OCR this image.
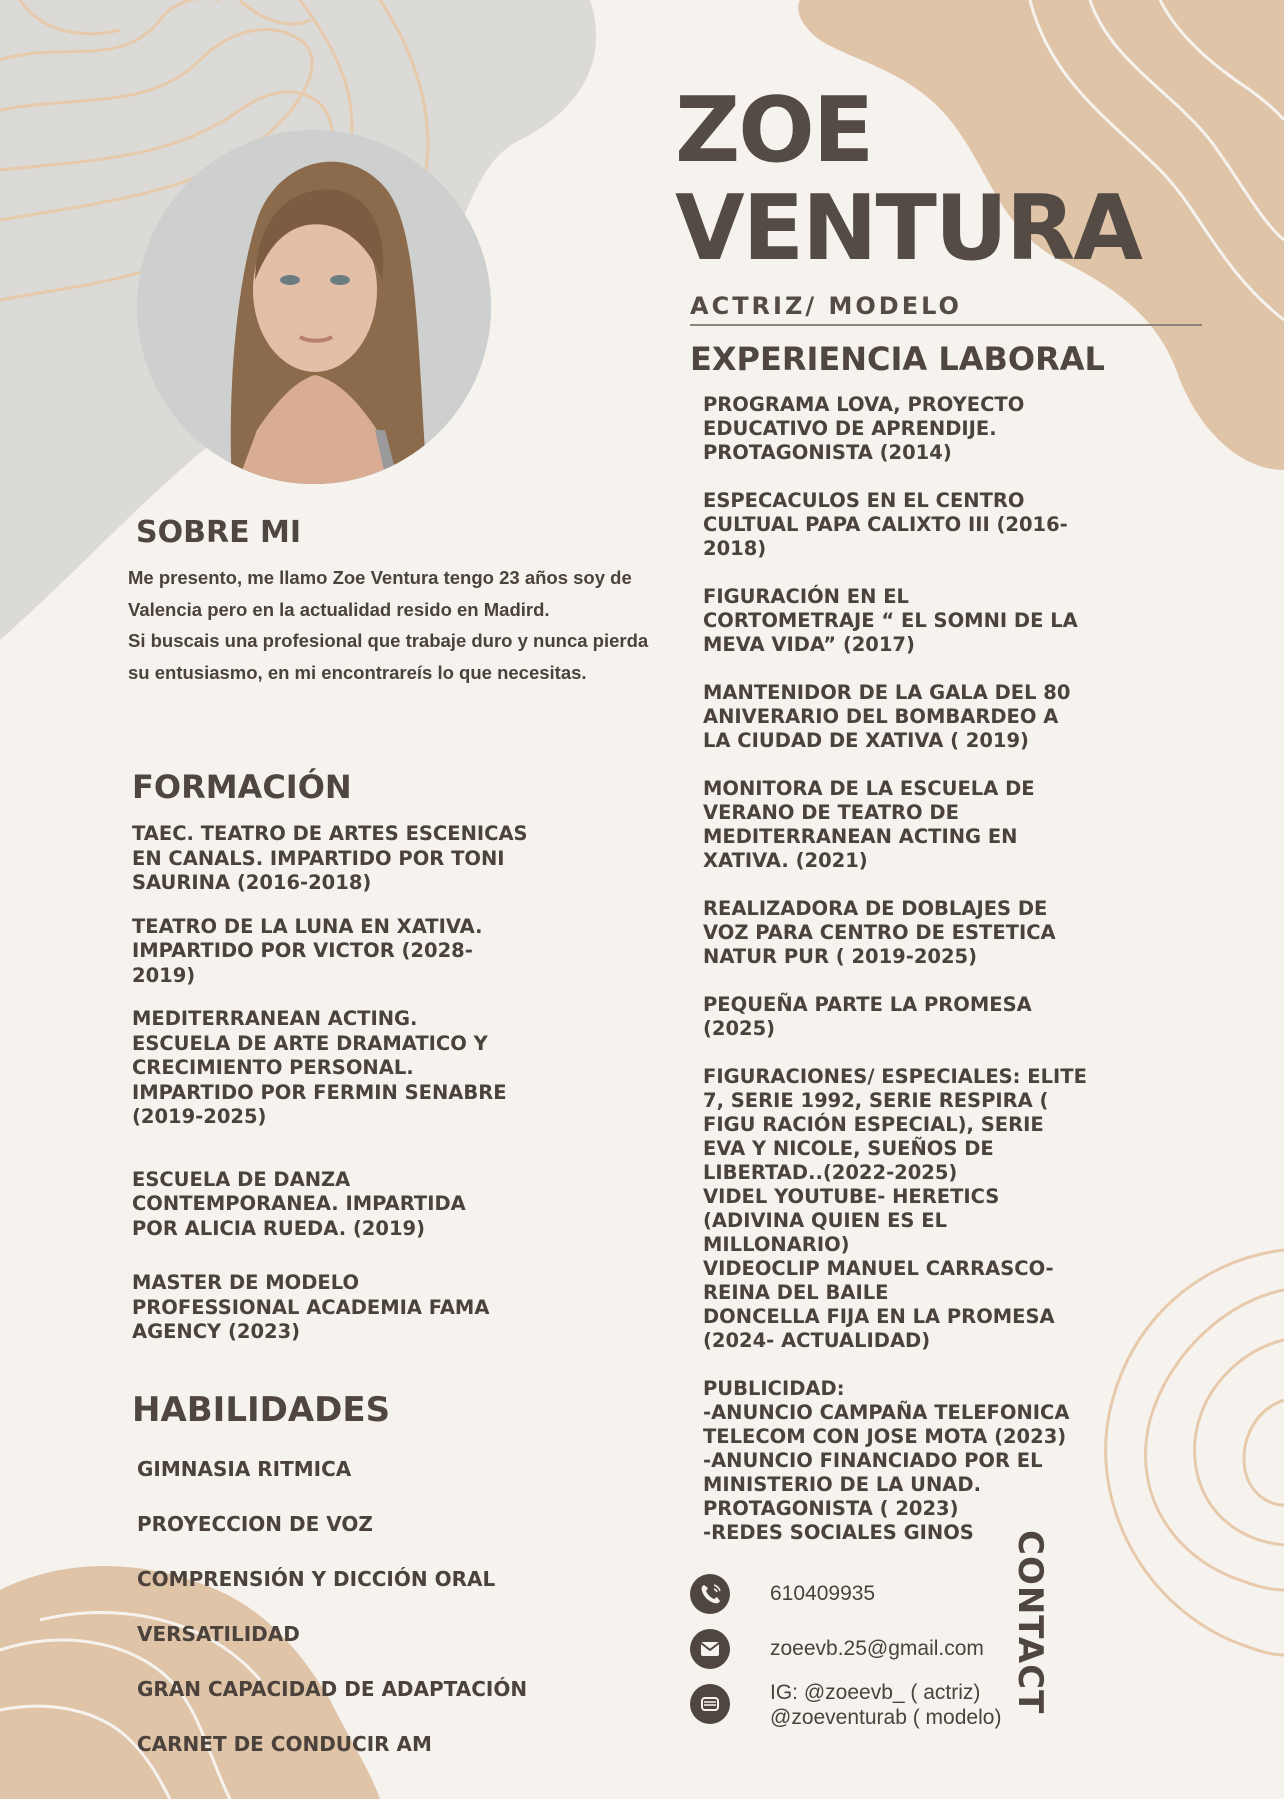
ZOE
VENTURA
ACTRIZ/ MODELO
EXPERIENCIA LABORAL
PROGRAMA LOVA, PROYECTO
EDUCATIVO DE APRENDIJE.
PROTAGONISTA (2014)
ESPECACULOS EN EL CENTRO
CULTUAL PAPA CALIXTO III (2016-
2018)
FIGURACIÓN EN EL
CORTOMETRAJE “ EL SOMNI DE LA
MEVA VIDA” (2017)
MANTENIDOR DE LA GALA DEL 80
ANIVERARIO DEL BOMBARDEO A
LA CIUDAD DE XATIVA ( 2019)
MONITORA DE LA ESCUELA DE
VERANO DE TEATRO DE
MEDITERRANEAN ACTING EN
XATIVA. (2021)
REALIZADORA DE DOBLAJES DE
VOZ PARA CENTRO DE ESTETICA
NATUR PUR ( 2019-2025)
PEQUEÑA PARTE LA PROMESA
(2025)
FIGURACIONES/ ESPECIALES: ELITE
7, SERIE 1992, SERIE RESPIRA (
FIGU RACIÓN ESPECIAL), SERIE
EVA Y NICOLE, SUEÑOS DE
LIBERTAD..(2022-2025)
VIDEL YOUTUBE- HERETICS
(ADIVINA QUIEN ES EL
MILLONARIO)
VIDEOCLIP MANUEL CARRASCO-
REINA DEL BAILE
DONCELLA FIJA EN LA PROMESA
(2024- ACTUALIDAD)
PUBLICIDAD:
-ANUNCIO CAMPAÑA TELEFONICA
TELECOM CON JOSE MOTA (2023)
-ANUNCIO FINANCIADO POR EL
MINISTERIO DE LA UNAD.
PROTAGONISTA ( 2023)
-REDES SOCIALES GINOS
SOBRE MI

Me presento, me llamo Zoe Ventura tengo 23 años soy de Valencia pero en la actualidad resido en Madird.

Si buscais una profesional que trabaje duro y nunca pierda su entusiasmo, en mi encontrareís lo que necesitas.

FORMACIÓN
TAEC. TEATRO DE ARTES ESCENICAS
EN CANALS. IMPARTIDO POR TONI
SAURINA (2016-2018)
TEATRO DE LA LUNA EN XATIVA.
IMPARTIDO POR VICTOR (2028-
2019)
MEDITERRANEAN ACTING.
ESCUELA DE ARTE DRAMATICO Y
CRECIMIENTO PERSONAL.
IMPARTIDO POR FERMIN SENABRE
(2019-2025)
ESCUELA DE DANZA
CONTEMPORANEA. IMPARTIDA
POR ALICIA RUEDA. (2019)
MASTER DE MODELO
PROFESSIONAL ACADEMIA FAMA
AGENCY (2023)
HABILIDADES
GIMNASIA RITMICA
PROYECCION DE VOZ
COMPRENSIÓN Y DICCIÓN ORAL
VERSATILIDAD
GRAN CAPACIDAD DE ADAPTACIÓN
CARNET DE CONDUCIR AM
CONTACT
610409935
zoeevb.25@gmail.com
IG: @zoeevb_ ( actriz)
@zoeventurab ( modelo)
